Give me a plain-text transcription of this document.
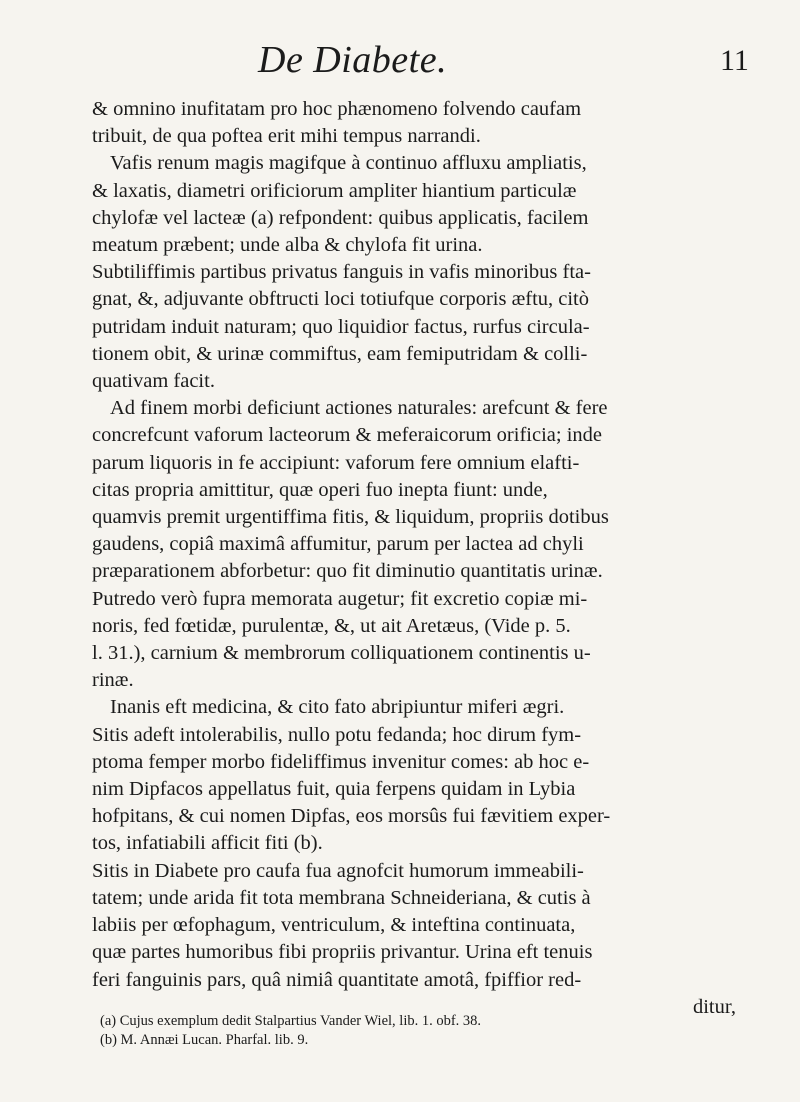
De Diabete.	11
& omnino inufitatam pro hoc phænomeno folvendo caufam
tribuit, de qua poftea erit mihi tempus narrandi.
Vafis renum magis magifque à continuo affluxu ampliatis,
& laxatis, diametri orificiorum ampliter hiantium particulæ
chylofæ vel lacteæ (a) refpondent: quibus applicatis, facilem
meatum præbent; unde alba & chylofa fit urina.
Subtiliffimis partibus privatus fanguis in vafis minoribus fta-
gnat, &, adjuvante obftructi loci totiufque corporis æftu, citò
putridam induit naturam; quo liquidior factus, rurfus circula-
tionem obit, & urinæ commiftus, eam femiputridam & colli-
quativam facit.
Ad finem morbi deficiunt actiones naturales: arefcunt & fere
concrefcunt vaforum lacteorum & meferaicorum orificia; inde
parum liquoris in fe accipiunt: vaforum fere omnium elafti-
citas propria amittitur, quæ operi fuo inepta fiunt: unde,
quamvis premit urgentiffima fitis, & liquidum, propriis dotibus
gaudens, copiâ maximâ affumitur, parum per lactea ad chyli
præparationem abforbetur: quo fit diminutio quantitatis urinæ.
Putredo verò fupra memorata augetur; fit excretio copiæ mi-
noris, fed fœtidæ, purulentæ, &, ut ait Aretæus, (Vide p. 5.
l. 31.), carnium & membrorum colliquationem continentis u-
rinæ.
Inanis eft medicina, & cito fato abripiuntur miferi ægri.
Sitis adeft intolerabilis, nullo potu fedanda; hoc dirum fym-
ptoma femper morbo fideliffimus invenitur comes: ab hoc e-
nim Dipfacos appellatus fuit, quia ferpens quidam in Lybia
hofpitans, & cui nomen Dipfas, eos morsûs fui fævitiem exper-
tos, infatiabili afficit fiti (b).
Sitis in Diabete pro caufa fua agnofcit humorum immeabili-
tatem; unde arida fit tota membrana Schneideriana, & cutis à
labiis per œfophagum, ventriculum, & inteftina continuata,
quæ partes humoribus fibi propriis privantur. Urina eft tenuis
feri fanguinis pars, quâ nimiâ quantitate amotâ, fpiffior red-
ditur,
(a) Cujus exemplum dedit Stalpartius Vander Wiel, lib. 1. obf. 38.
(b) M. Annæi Lucan. Pharfal. lib. 9.
